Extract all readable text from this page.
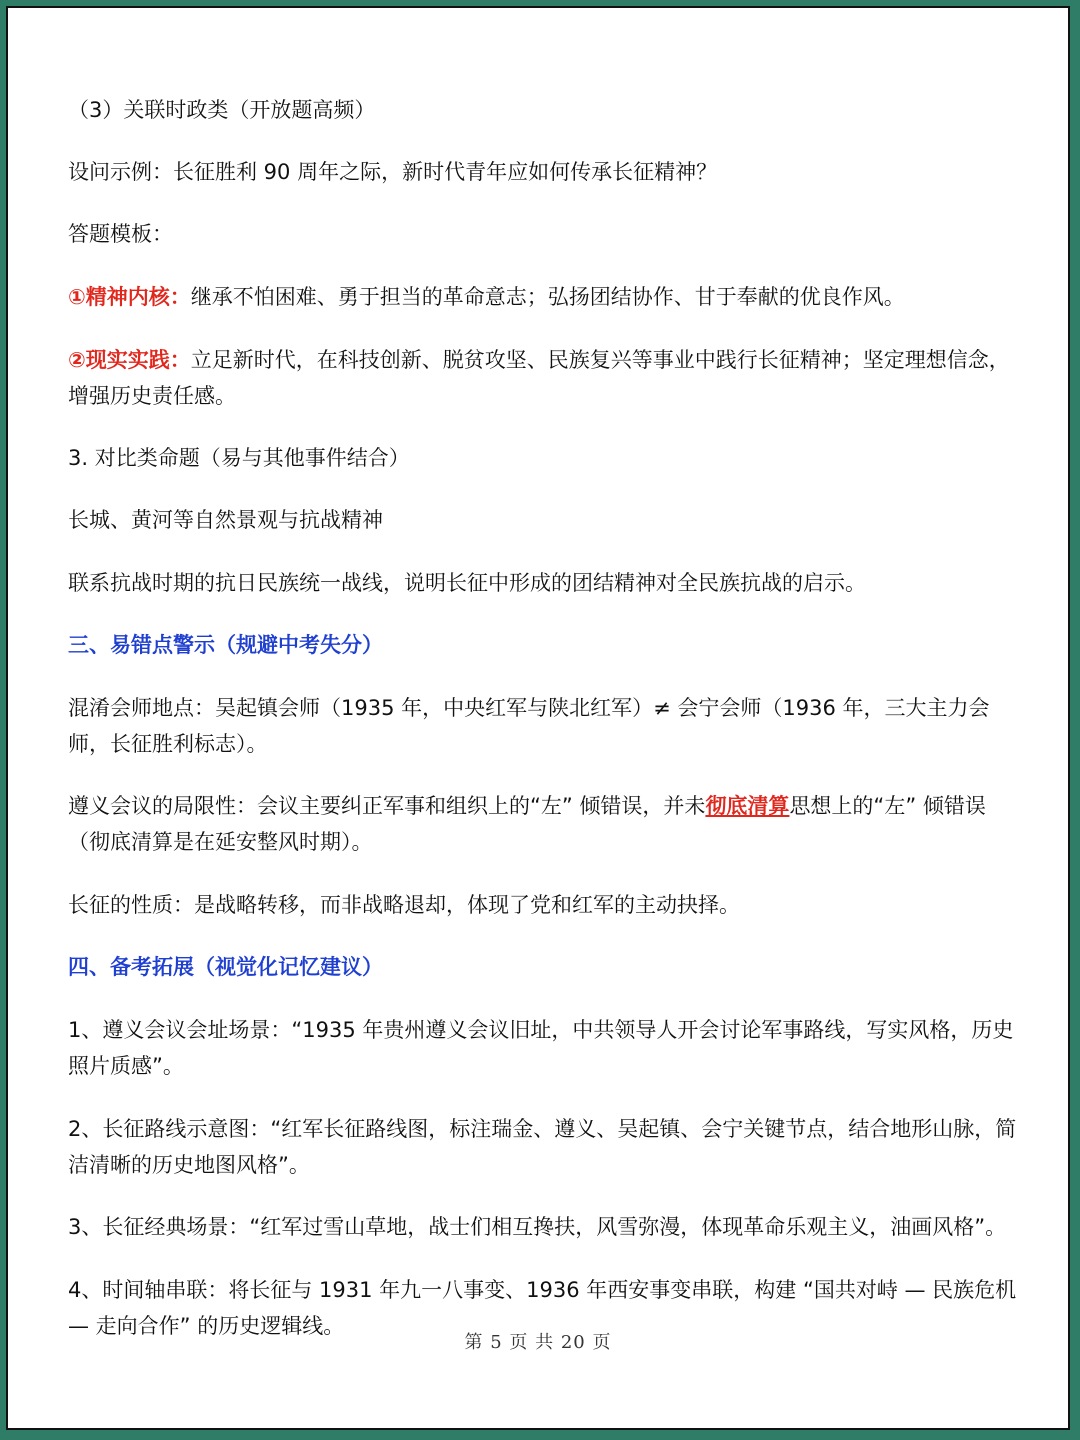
（3）关联时政类（开放题高频）
设问示例：长征胜利 90 周年之际，新时代青年应如何传承长征精神？
答题模板：
①精神内核：继承不怕困难、勇于担当的革命意志；弘扬团结协作、甘于奉献的优良作风。
②现实实践：立足新时代，在科技创新、脱贫攻坚、民族复兴等事业中践行长征精神；坚定理想信念，增强历史责任感。
3. 对比类命题（易与其他事件结合）
长城、黄河等自然景观与抗战精神
联系抗战时期的抗日民族统一战线，说明长征中形成的团结精神对全民族抗战的启示。
三、易错点警示（规避中考失分）
混淆会师地点：吴起镇会师（1935 年，中央红军与陕北红军）≠ 会宁会师（1936 年，三大主力会师，长征胜利标志）。
遵义会议的局限性：会议主要纠正军事和组织上的“左” 倾错误，并未彻底清算思想上的“左” 倾错误（彻底清算是在延安整风时期）。
长征的性质：是战略转移，而非战略退却，体现了党和红军的主动抉择。
四、备考拓展（视觉化记忆建议）
1、遵义会议会址场景：“1935 年贵州遵义会议旧址，中共领导人开会讨论军事路线，写实风格，历史照片质感”。
2、长征路线示意图：“红军长征路线图，标注瑞金、遵义、吴起镇、会宁关键节点，结合地形山脉，简洁清晰的历史地图风格”。
3、长征经典场景：“红军过雪山草地，战士们相互搀扶，风雪弥漫，体现革命乐观主义，油画风格”。
4、时间轴串联：将长征与 1931 年九一八事变、1936 年西安事变串联，构建 “国共对峙 — 民族危机 — 走向合作” 的历史逻辑线。
第 5 页 共 20 页
